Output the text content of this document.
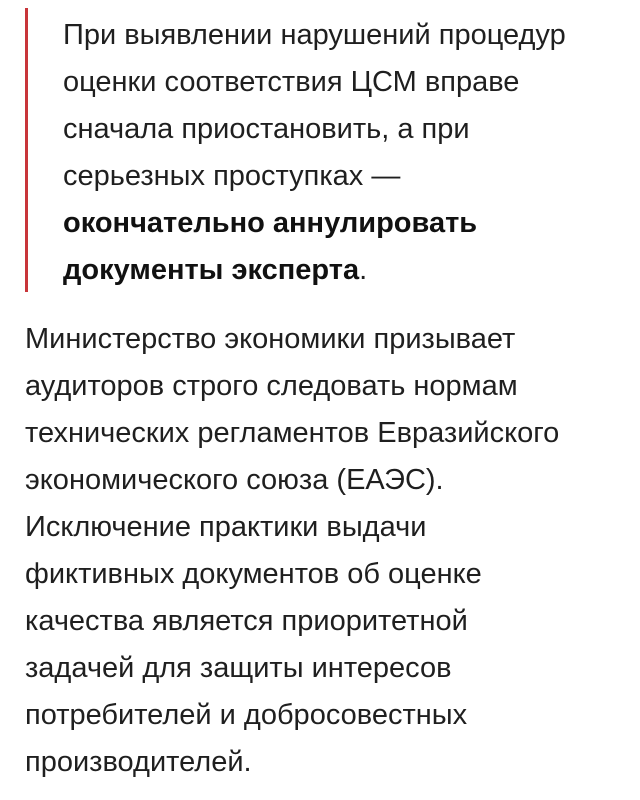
При выявлении нарушений процедур
оценки соответствия ЦСМ вправе
сначала приостановить, а при
серьезных проступках —
окончательно аннулировать
документы эксперта.

Министерство экономики призывает
аудиторов строго следовать нормам
технических регламентов Евразийского
экономического союза (ЕАЭС).
Исключение практики выдачи
фиктивных документов об оценке
качества является приоритетной
задачей для защиты интересов
потребителей и добросовестных
производителей.
